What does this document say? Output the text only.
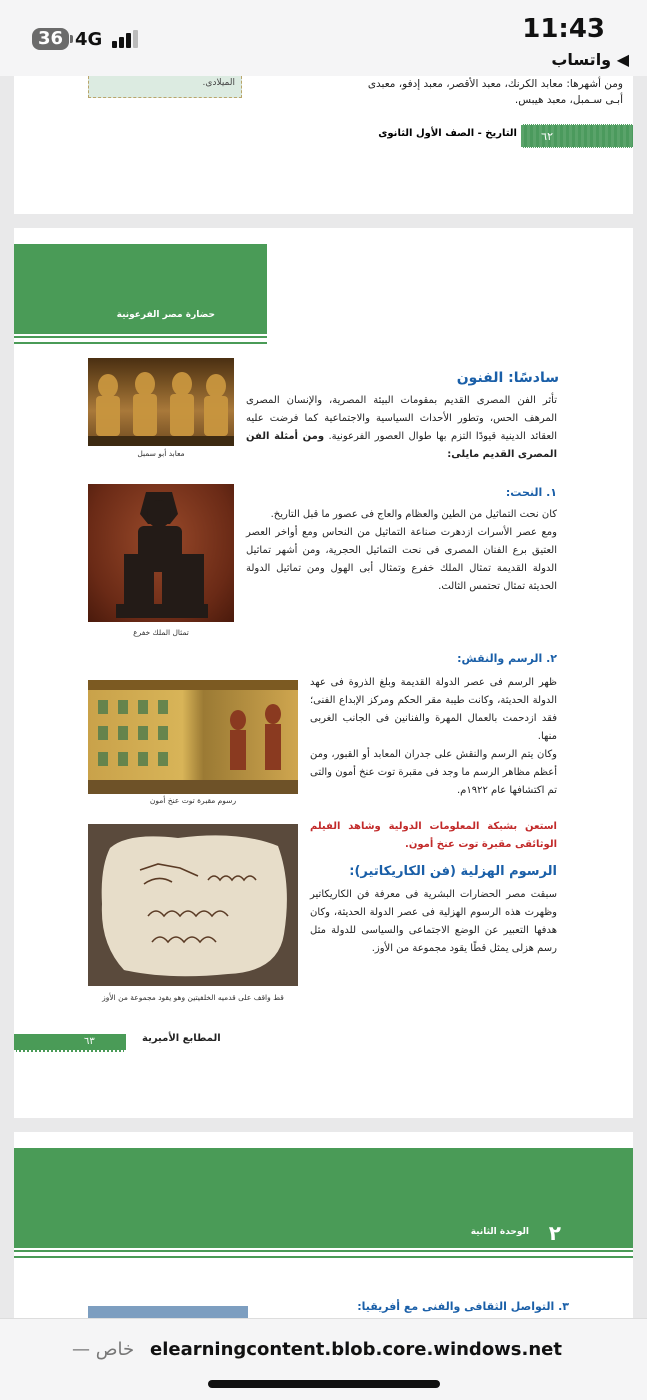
36 4G	11:43
◀ واتساب
الميلادى.	ومن أشهرها: معابد الكرنك، معبد الأقصر، معبد إدفو، معبدى
أبـى سـمبل، معبد هيبس.
التاريخ - الصف الأول الثانوى	٦٢
حضارة مصر الفرعونية
معابد أبو سمبل
سادسًا: الفنون
تأثر الفن المصرى القديم بمقومات البيئة المصرية، والإنسان المصرى المرهف الحس، وتطور الأحداث السياسية والاجتماعية كما فرضت عليه العقائد الدينية قيودًا التزم بها طوال العصور الفرعونية. ومن أمثلة الفن المصرى القديم مايلى:
تمثال الملك خفرع
١. النحت:
كان نحت التماثيل من الطين والعظام والعاج فى عصور ما قبل التاريخ.
ومع عصر الأسرات ازدهرت صناعة التماثيل من النحاس ومع أواخر العصر العتيق برع الفنان المصرى فى نحت التماثيل الحجرية، ومن أشهر تماثيل الدولة القديمة تمثال الملك خفرع وتمثال أبى الهول ومن تماثيل الدولة الحديثة تمثال تحتمس الثالث.
٢. الرسم والنقش:
رسوم مقبرة توت عنخ أمون
ظهر الرسم فى عصر الدولة القديمة وبلغ الذروة فى عهد الدولة الحديثة، وكانت طيبة مقر الحكم ومركز الإبداع الفنى؛ فقد ازدحمت بالعمال المهرة والفنانين فى الجانب الغربى منها.
وكان يتم الرسم والنقش على جدران المعابد أو القبور، ومن أعظم مظاهر الرسم ما وجد فى مقبرة توت عنخ أمون والتى تم اكتشافها عام ١٩٢٢م.
استعن بشبكة المعلومات الدولية وشاهد الفيلم الوثائقى مقبرة توت عنخ أمون.
قط واقف على قدميه الخلفيتين وهو يقود مجموعة من الأوز
الرسوم الهزلية (فن الكاريكاتير):
سبقت مصر الحضارات البشرية فى معرفة فن الكاريكاتير وظهرت هذه الرسوم الهزلية فى عصر الدولة الحديثة، وكان هدفها التعبير عن الوضع الاجتماعى والسياسى للدولة مثل رسم هزلى يمثل قطًا يقود مجموعة من الأوز.
٦٣	المطابع الأميرية
٢
الوحدة الثانية
٣. التواصل الثقافى والفنى مع أفريقيا:
elearningcontent.blob.core.windows.net
خاص —
